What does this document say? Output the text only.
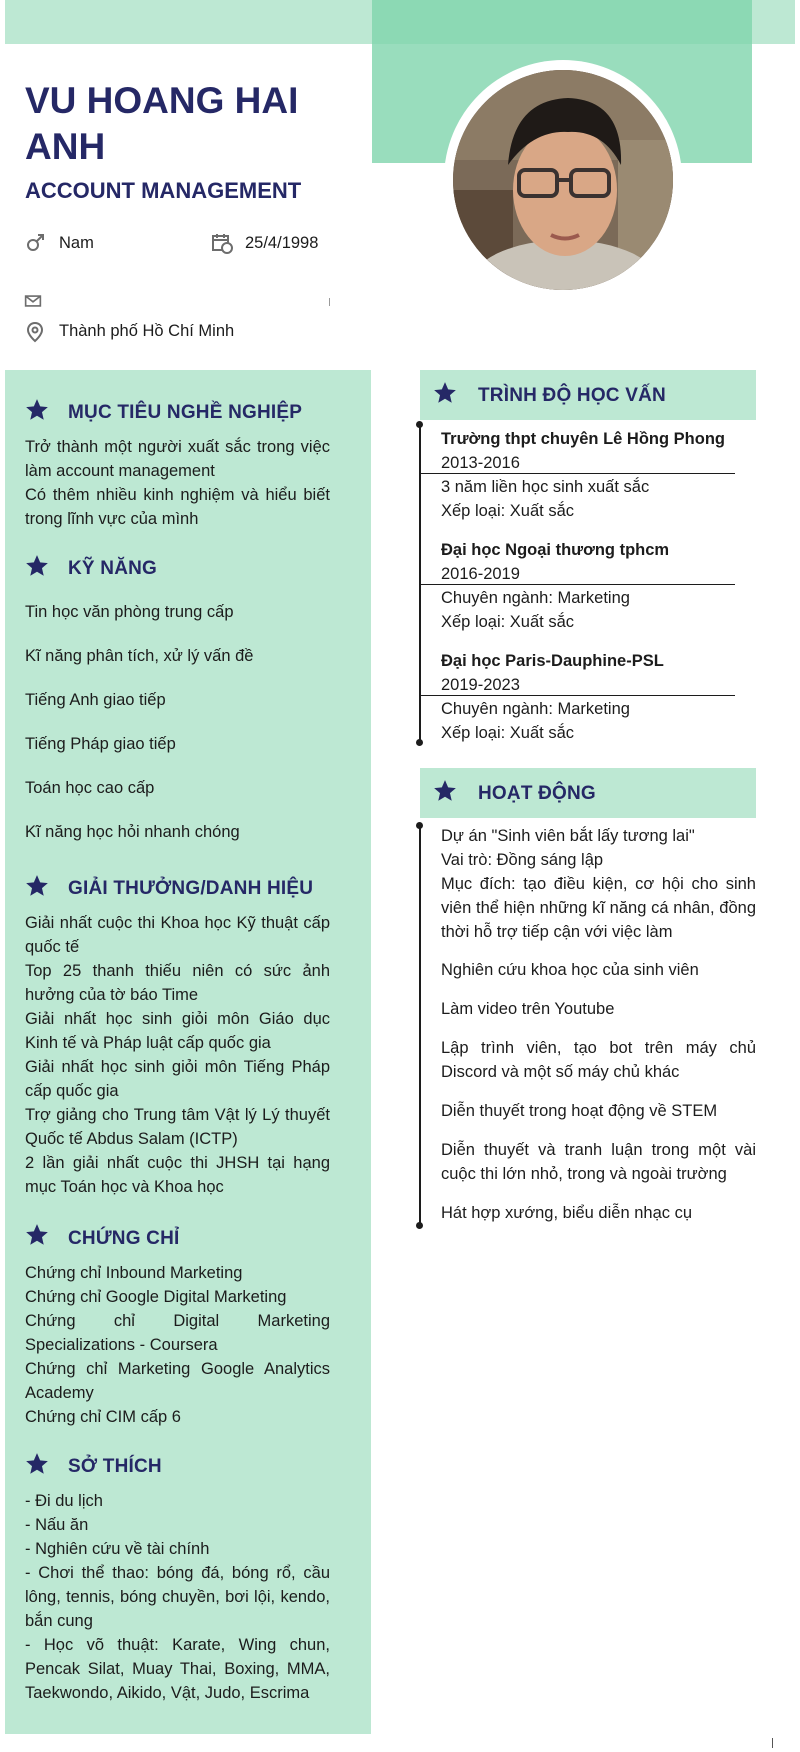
VU HOANG HAI ANH
ACCOUNT MANAGEMENT
Nam	25/4/1998
Thành phố Hồ Chí Minh
MỤC TIÊU NGHỀ NGHIỆP
Trở thành một người xuất sắc trong việc làm account management
Có thêm nhiều kinh nghiệm và hiểu biết trong lĩnh vực của mình
KỸ NĂNG
Tin học văn phòng trung cấp
Kĩ năng phân tích, xử lý vấn đề
Tiếng Anh giao tiếp
Tiếng Pháp giao tiếp
Toán học cao cấp
Kĩ năng học hỏi nhanh chóng
GIẢI THƯỞNG/DANH HIỆU
Giải nhất cuộc thi Khoa học Kỹ thuật cấp quốc tế
Top 25 thanh thiếu niên có sức ảnh hưởng của tờ báo Time
Giải nhất học sinh giỏi môn Giáo dục Kinh tế và Pháp luật cấp quốc gia
Giải nhất học sinh giỏi môn Tiếng Pháp cấp quốc gia
Trợ giảng cho Trung tâm Vật lý Lý thuyết Quốc tế Abdus Salam (ICTP)
2 lần giải nhất cuộc thi JHSH tại hạng mục Toán học và Khoa học
CHỨNG CHỈ
Chứng chỉ Inbound Marketing
Chứng chỉ Google Digital Marketing
Chứng chỉ Digital Marketing Specializations - Coursera
Chứng chỉ Marketing Google Analytics Academy
Chứng chỉ CIM cấp 6
SỞ THÍCH
- Đi du lịch
- Nấu ăn
- Nghiên cứu về tài chính
- Chơi thể thao: bóng đá, bóng rổ, cầu lông, tennis, bóng chuyền, bơi lội, kendo, bắn cung
- Học võ thuật: Karate, Wing chun, Pencak Silat, Muay Thai, Boxing, MMA, Taekwondo, Aikido, Vật, Judo, Escrima
TRÌNH ĐỘ HỌC VẤN
Trường thpt chuyên Lê Hồng Phong
2013-2016
3 năm liền học sinh xuất sắc
Xếp loại: Xuất sắc
Đại học Ngoại thương tphcm
2016-2019
Chuyên ngành: Marketing
Xếp loại: Xuất sắc
Đại học Paris-Dauphine-PSL
2019-2023
Chuyên ngành: Marketing
Xếp loại: Xuất sắc
HOẠT ĐỘNG
Dự án "Sinh viên bắt lấy tương lai"
Vai trò: Đồng sáng lập
Mục đích: tạo điều kiện, cơ hội cho sinh viên thể hiện những kĩ năng cá nhân, đồng thời hỗ trợ tiếp cận với việc làm
Nghiên cứu khoa học của sinh viên
Làm video trên Youtube
Lập trình viên, tạo bot trên máy chủ Discord và một số máy chủ khác
Diễn thuyết trong hoạt động về STEM
Diễn thuyết và tranh luận trong một vài cuộc thi lớn nhỏ, trong và ngoài trường
Hát hợp xướng, biểu diễn nhạc cụ
